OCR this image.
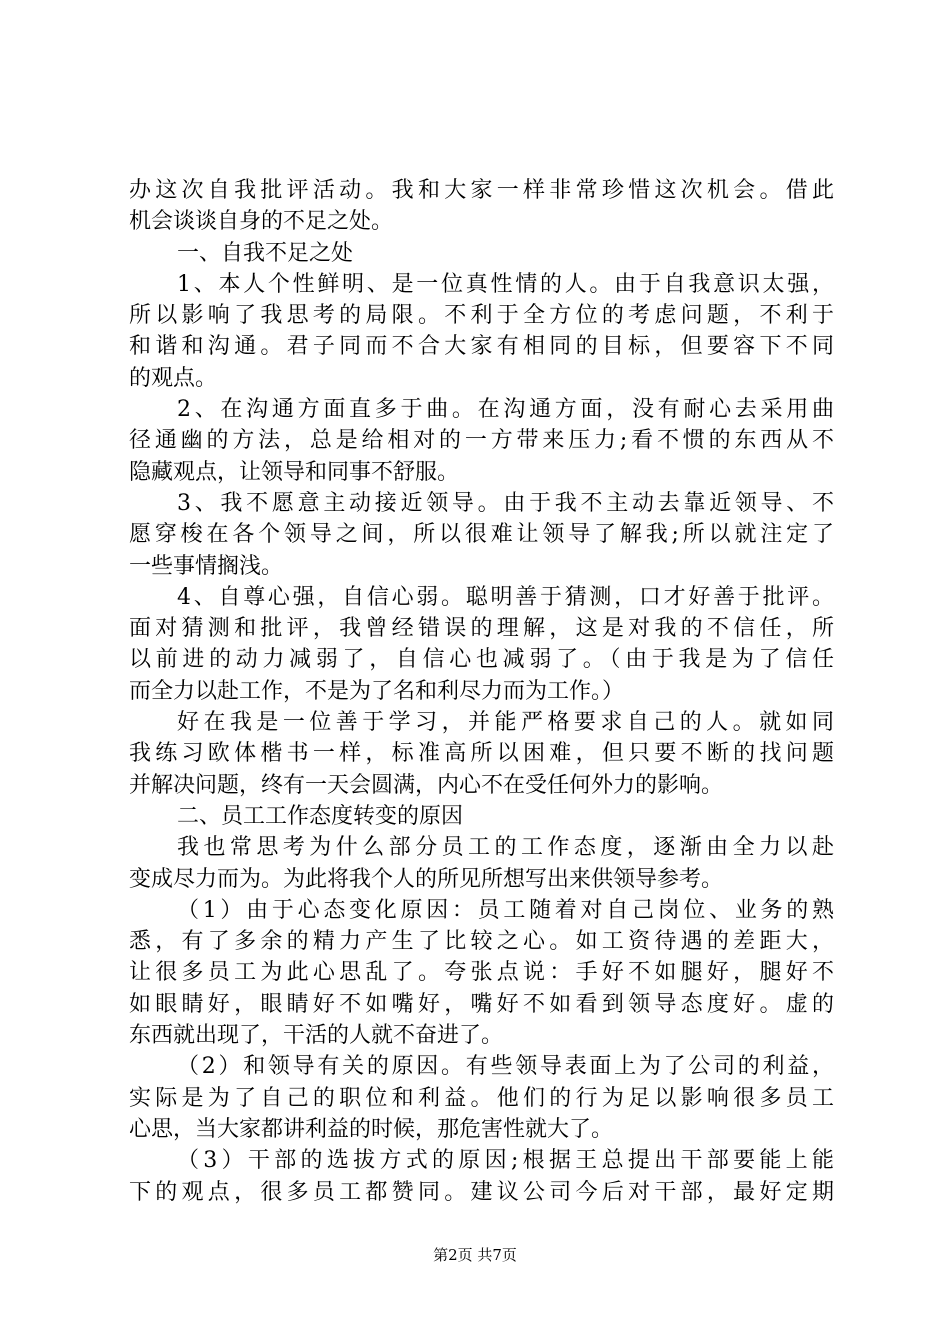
办这次自我批评活动。我和大家一样非常珍惜这次机会。借此
机会谈谈自身的不足之处。
一、自我不足之处
1、本人个性鲜明、是一位真性情的人。由于自我意识太强，
所以影响了我思考的局限。不利于全方位的考虑问题，不利于
和谐和沟通。君子同而不合大家有相同的目标，但要容下不同
的观点。
2、在沟通方面直多于曲。在沟通方面，没有耐心去采用曲
径通幽的方法，总是给相对的一方带来压力;看不惯的东西从不
隐藏观点，让领导和同事不舒服。
3、我不愿意主动接近领导。由于我不主动去靠近领导、不
愿穿梭在各个领导之间，所以很难让领导了解我;所以就注定了
一些事情搁浅。
4、自尊心强，自信心弱。聪明善于猜测，口才好善于批评。
面对猜测和批评，我曾经错误的理解，这是对我的不信任，所
以前进的动力减弱了，自信心也减弱了。（由于我是为了信任
而全力以赴工作，不是为了名和利尽力而为工作。）
好在我是一位善于学习，并能严格要求自己的人。就如同
我练习欧体楷书一样，标准高所以困难，但只要不断的找问题
并解决问题，终有一天会圆满，内心不在受任何外力的影响。
二、员工工作态度转变的原因
我也常思考为什么部分员工的工作态度，逐渐由全力以赴
变成尽力而为。为此将我个人的所见所想写出来供领导参考。
（1）由于心态变化原因：员工随着对自己岗位、业务的熟
悉，有了多余的精力产生了比较之心。如工资待遇的差距大，
让很多员工为此心思乱了。夸张点说：手好不如腿好，腿好不
如眼睛好，眼睛好不如嘴好，嘴好不如看到领导态度好。虚的
东西就出现了，干活的人就不奋进了。
（2）和领导有关的原因。有些领导表面上为了公司的利益，
实际是为了自己的职位和利益。他们的行为足以影响很多员工
心思，当大家都讲利益的时候，那危害性就大了。
（3）干部的选拔方式的原因;根据王总提出干部要能上能
下的观点，很多员工都赞同。建议公司今后对干部，最好定期
第2页 共7页
